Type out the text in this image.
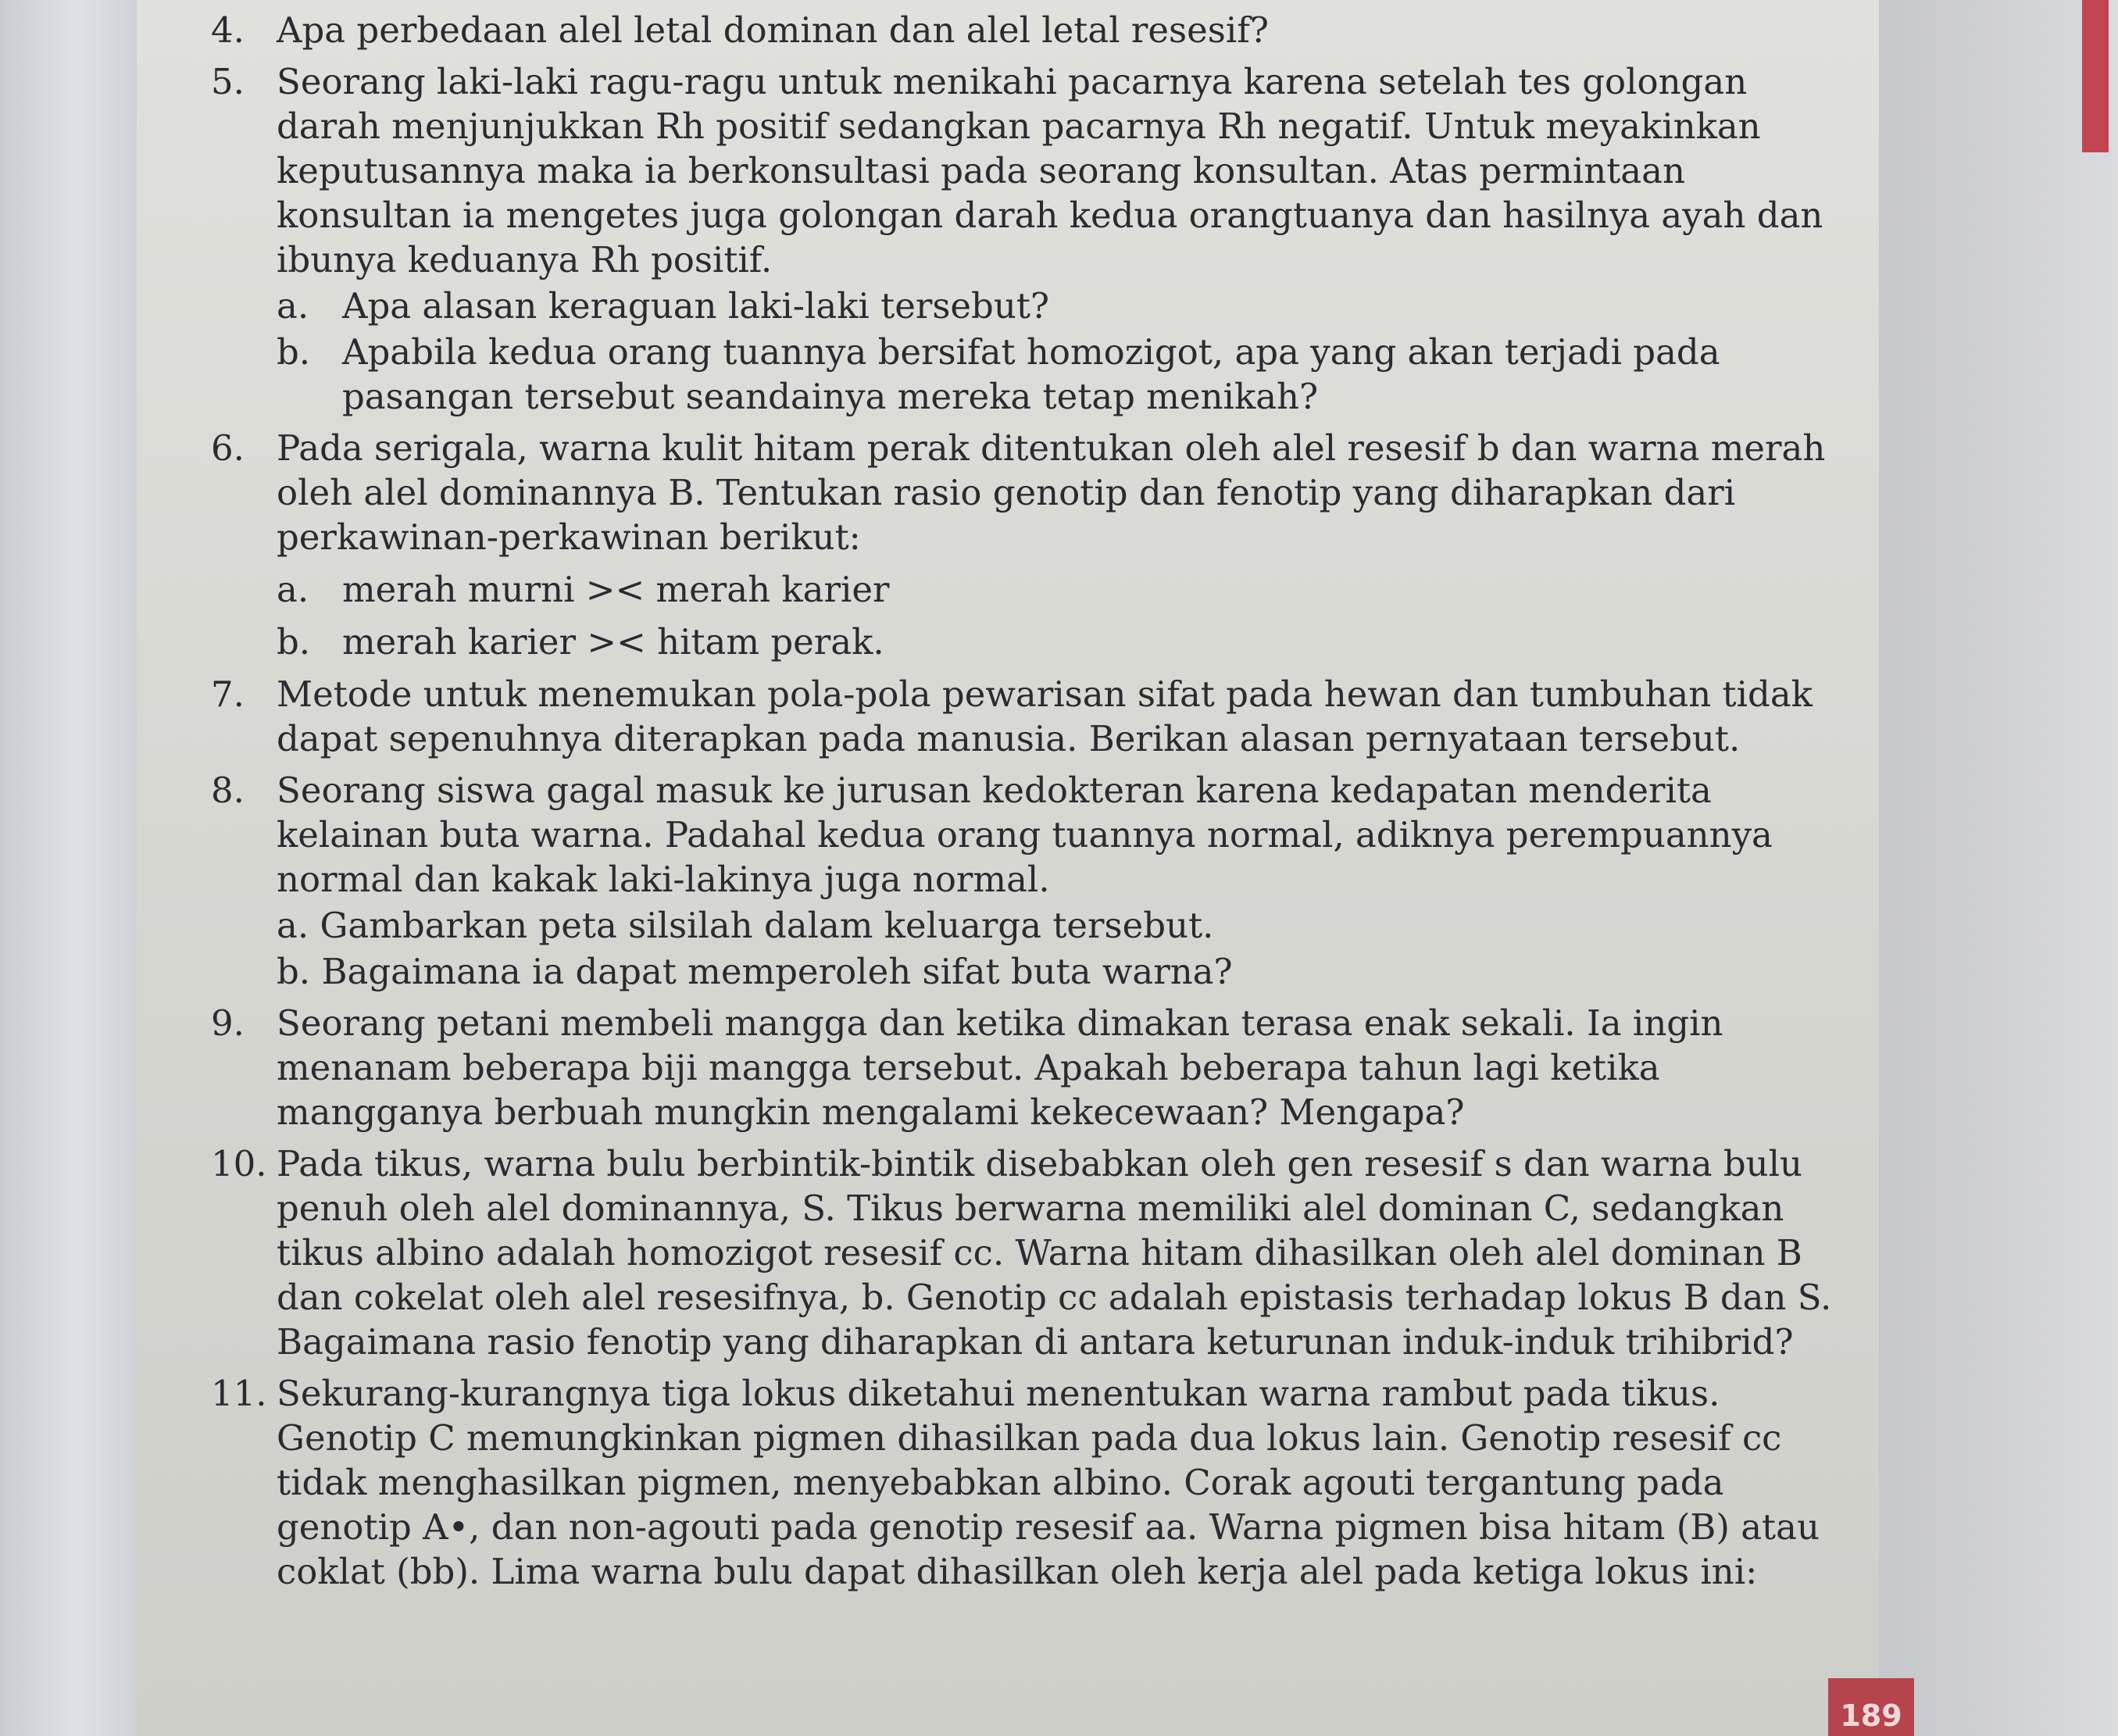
4. Apa perbedaan alel letal dominan dan alel letal resesif?
5. Seorang laki-laki ragu-ragu untuk menikahi pacarnya karena setelah tes golongan darah menjunjukkan Rh positif sedangkan pacarnya Rh negatif. Untuk meyakinkan keputusannya maka ia berkonsultasi pada seorang konsultan. Atas permintaan konsultan ia mengetes juga golongan darah kedua orangtuanya dan hasilnya ayah dan ibunya keduanya Rh positif.
a. Apa alasan keraguan laki-laki tersebut?
b. Apabila kedua orang tuannya bersifat homozigot, apa yang akan terjadi pada pasangan tersebut seandainya mereka tetap menikah?
6. Pada serigala, warna kulit hitam perak ditentukan oleh alel resesif b dan warna merah oleh alel dominannya B. Tentukan rasio genotip dan fenotip yang diharapkan dari perkawinan-perkawinan berikut:
a. merah murni >< merah karier
b. merah karier >< hitam perak.
7. Metode untuk menemukan pola-pola pewarisan sifat pada hewan dan tumbuhan tidak dapat sepenuhnya diterapkan pada manusia. Berikan alasan pernyataan tersebut.
8. Seorang siswa gagal masuk ke jurusan kedokteran karena kedapatan menderita kelainan buta warna. Padahal kedua orang tuannya normal, adiknya perempuannya normal dan kakak laki-lakinya juga normal.
a. Gambarkan peta silsilah dalam keluarga tersebut.
b. Bagaimana ia dapat memperoleh sifat buta warna?
9. Seorang petani membeli mangga dan ketika dimakan terasa enak sekali. Ia ingin menanam beberapa biji mangga tersebut. Apakah beberapa tahun lagi ketika mangganya berbuah mungkin mengalami kekecewaan? Mengapa?
10. Pada tikus, warna bulu berbintik-bintik disebabkan oleh gen resesif s dan warna bulu penuh oleh alel dominannya, S. Tikus berwarna memiliki alel dominan C, sedangkan tikus albino adalah homozigot resesif cc. Warna hitam dihasilkan oleh alel dominan B dan cokelat oleh alel resesifnya, b. Genotip cc adalah epistasis terhadap lokus B dan S. Bagaimana rasio fenotip yang diharapkan di antara keturunan induk-induk trihibrid?
11. Sekurang-kurangnya tiga lokus diketahui menentukan warna rambut pada tikus. Genotip C memungkinkan pigmen dihasilkan pada dua lokus lain. Genotip resesif cc tidak menghasilkan pigmen, menyebabkan albino. Corak agouti tergantung pada genotip A•, dan non-agouti pada genotip resesif aa. Warna pigmen bisa hitam (B) atau coklat (bb). Lima warna bulu dapat dihasilkan oleh kerja alel pada ketiga lokus ini:
189
